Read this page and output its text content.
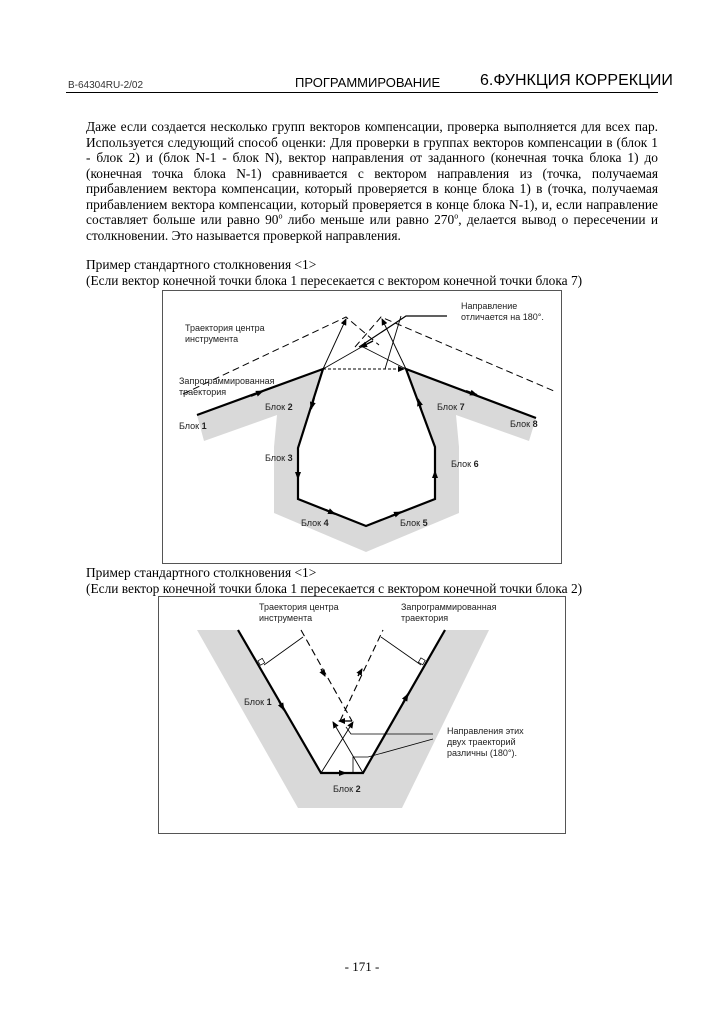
B-64304RU-2/02	ПРОГРАММИРОВАНИЕ 6.ФУНКЦИЯ КОРРЕКЦИИ
Даже если создается несколько групп векторов компенсации, проверка выполняется для всех пар. Используется следующий способ оценки: Для проверки в группах векторов компенсации в (блок 1 - блок 2) и (блок N-1 - блок N), вектор направления от заданного (конечная точка блока 1) до (конечная точка блока N-1) сравнивается с вектором направления из (точка, получаемая прибавлением вектора компенсации, который проверяется в конце блока 1) в (точка, получаемая прибавлением вектора компенсации, который проверяется в конце блока N-1), и, если направление составляет больше или равно 90$^o$ либо меньше или равно 270$^o$, делается вывод о пересечении и столкновении. Это называется проверкой направления.
Пример стандартного столкновения <1>
(Если вектор конечной точки блока 1 пересекается с вектором конечной точки блока 7)
Траектория центра
инструмента
Запрограммированная
траектория
Направление
отличается на 180°.
Блок 1
Блок 2
Блок 3
Блок 4	Блок 5
Блок 6
Блок 7
Блок 8
Пример стандартного столкновения <1>
(Если вектор конечной точки блока 1 пересекается с вектором конечной точки блока 2)
Траектория центра
инструмента
Запрограммированная
траектория
Направления этих
двух траекторий
различны (180°).
Блок 1
Блок 2
- 171 -
